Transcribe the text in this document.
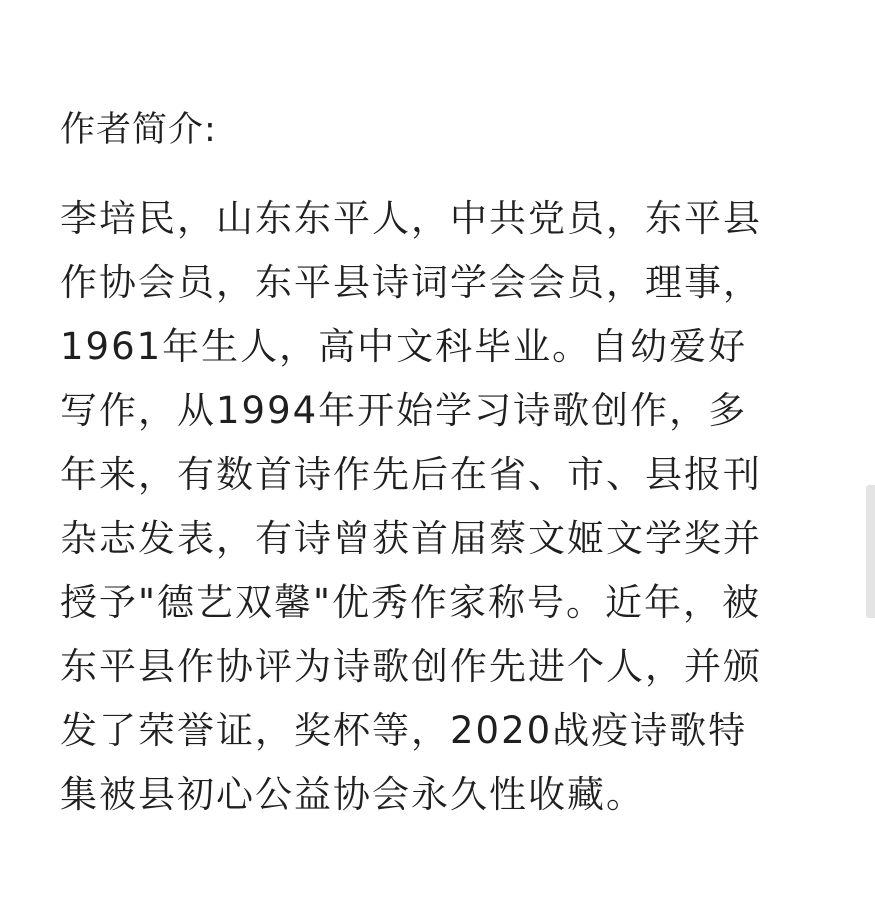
作者简介:
李培民，山东东平人，中共党员，东平县
作协会员，东平县诗词学会会员，理事，
1961年生人，高中文科毕业。自幼爱好
写作，从1994年开始学习诗歌创作，多
年来，有数首诗作先后在省、市、县报刊
杂志发表，有诗曾获首届蔡文姬文学奖并
授予"德艺双馨"优秀作家称号。近年，被
东平县作协评为诗歌创作先进个人，并颁
发了荣誉证，奖杯等，2020战疫诗歌特
集被县初心公益协会永久性收藏。
